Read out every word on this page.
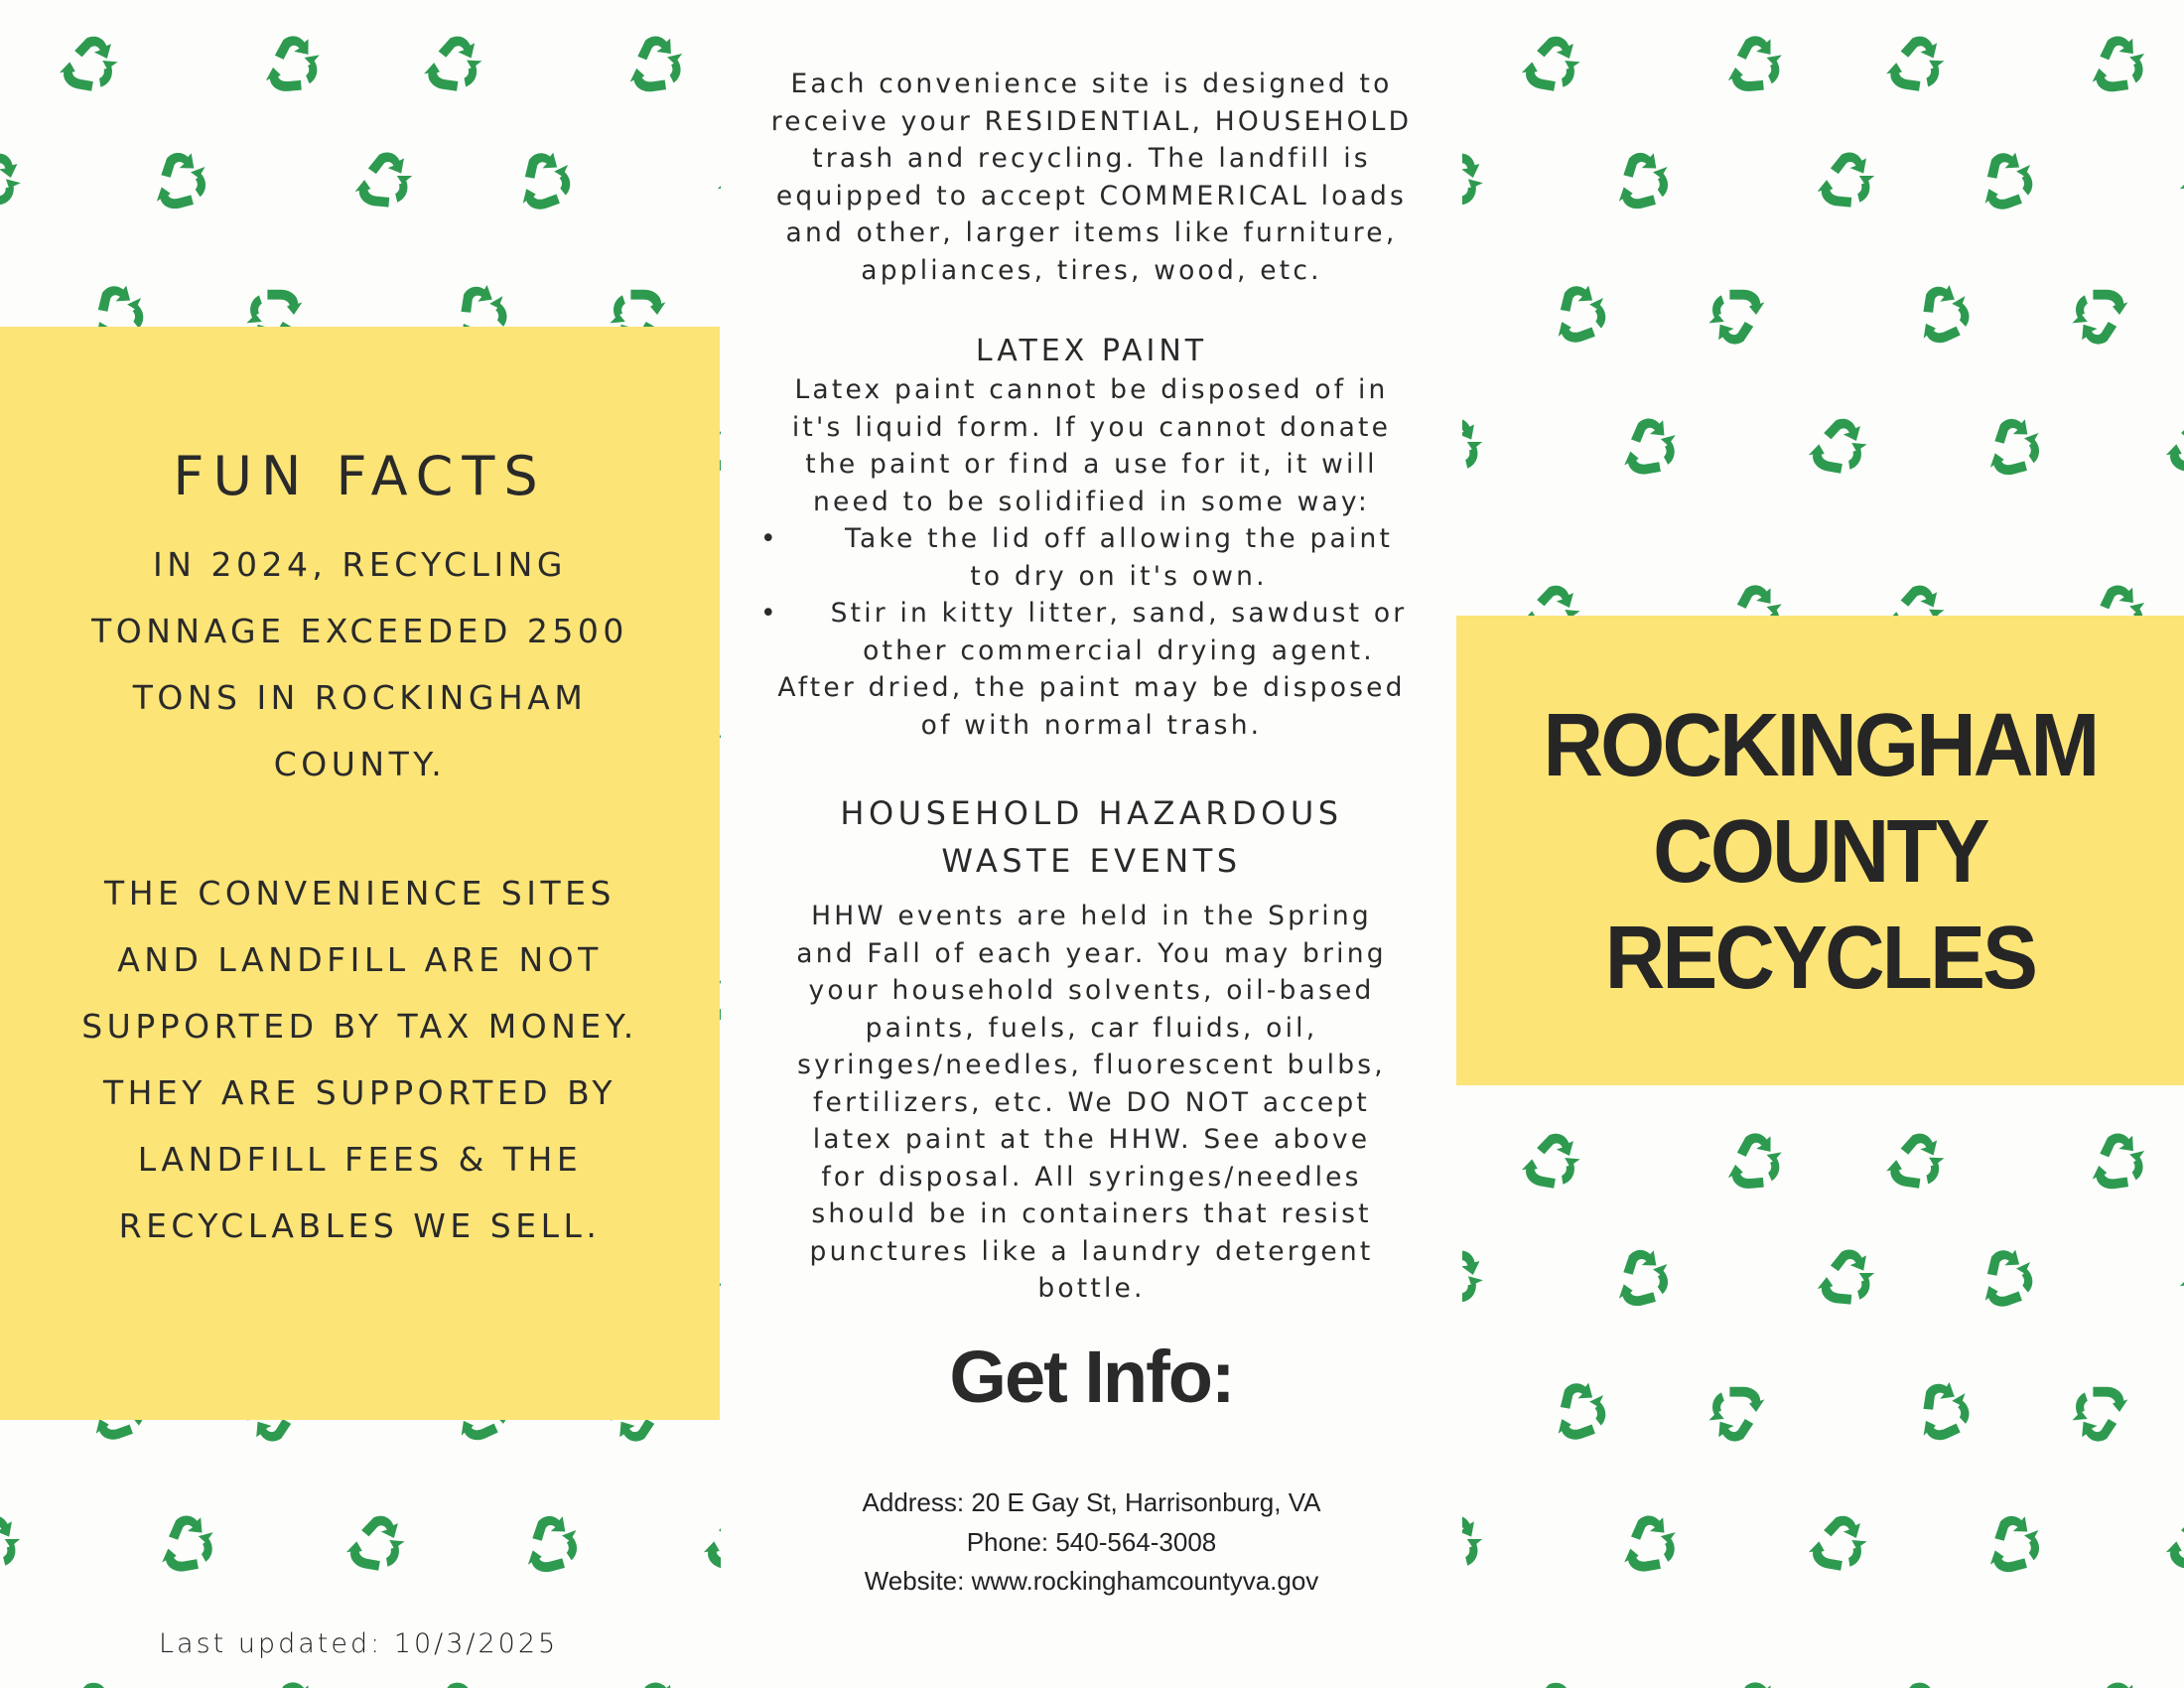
Each convenience site is designed to
receive your RESIDENTIAL, HOUSEHOLD
trash and recycling. The landfill is
equipped to accept COMMERICAL loads
and other, larger items like furniture,
appliances, tires, wood, etc.
LATEX PAINT
Latex paint cannot be disposed of in
it's liquid form. If you cannot donate
the paint or find a use for it, it will
need to be solidified in some way:
•	Take the lid off allowing the paint
to dry on it's own.
•	Stir in kitty litter, sand, sawdust or
other commercial drying agent.
After dried, the paint may be disposed
of with normal trash.
HOUSEHOLD HAZARDOUS
WASTE EVENTS
HHW events are held in the Spring
and Fall of each year. You may bring
your household solvents, oil-based
paints, fuels, car fluids, oil,
syringes/needles, fluorescent bulbs,
fertilizers, etc. We DO NOT accept
latex paint at the HHW. See above
for disposal. All syringes/needles
should be in containers that resist
punctures like a laundry detergent
bottle.
Get Info:
Address: 20 E Gay St, Harrisonburg, VA
Phone: 540-564-3008
Website: www.rockinghamcountyva.gov
FUN FACTS
IN 2024, RECYCLING
TONNAGE EXCEEDED 2500
TONS IN ROCKINGHAM
COUNTY.
THE CONVENIENCE SITES
AND LANDFILL ARE NOT
SUPPORTED BY TAX MONEY.
THEY ARE SUPPORTED BY
LANDFILL FEES & THE
RECYCLABLES WE SELL.
Last updated: 10/3/2025
ROCKINGHAM
COUNTY
RECYCLES
